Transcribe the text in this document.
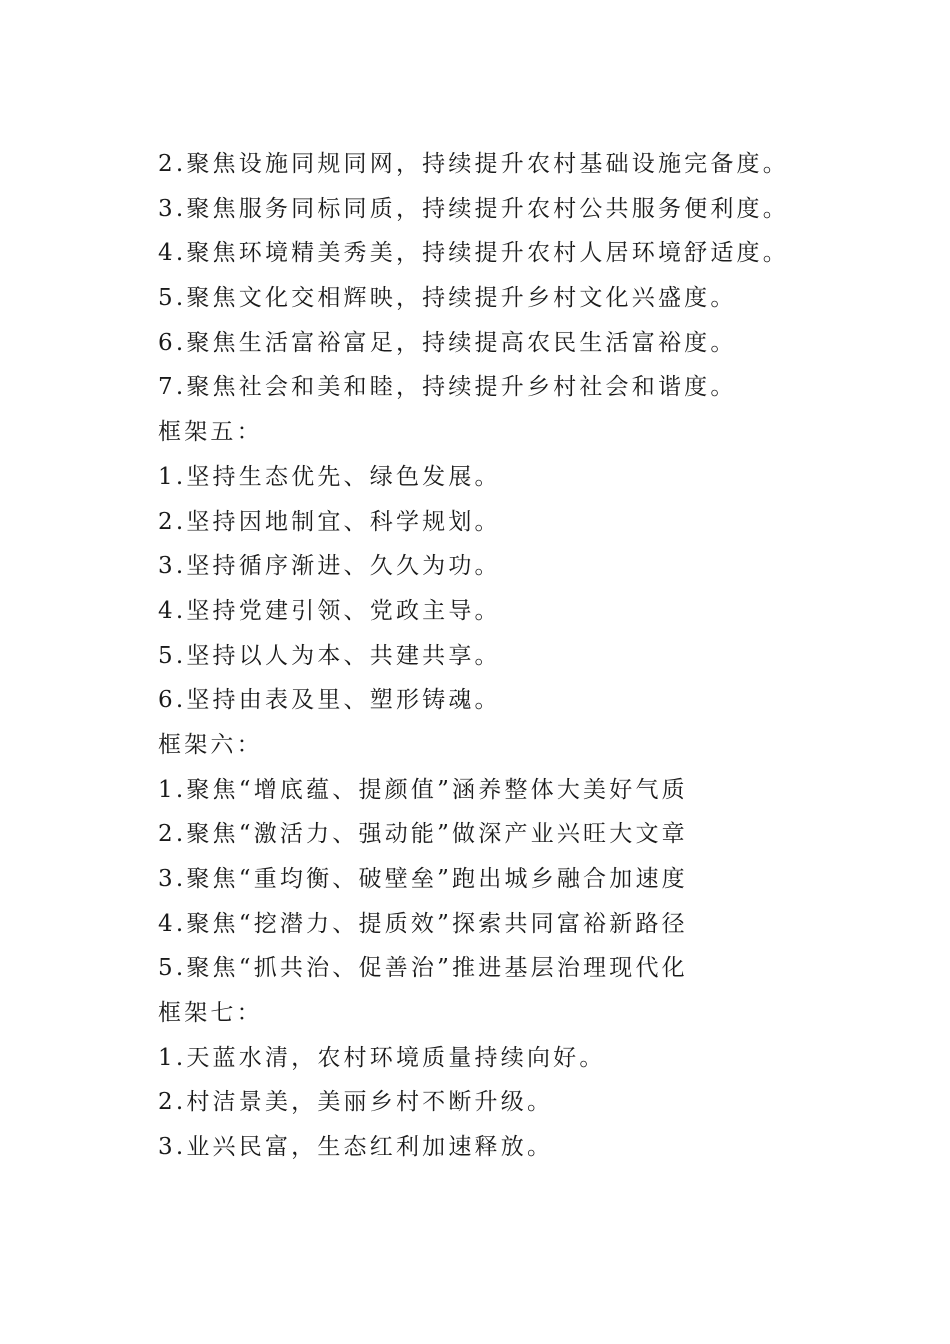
2.聚焦设施同规同网，持续提升农村基础设施完备度。
3.聚焦服务同标同质，持续提升农村公共服务便利度。
4.聚焦环境精美秀美，持续提升农村人居环境舒适度。
5.聚焦文化交相辉映，持续提升乡村文化兴盛度。
6.聚焦生活富裕富足，持续提高农民生活富裕度。
7.聚焦社会和美和睦，持续提升乡村社会和谐度。
框架五：
1.坚持生态优先、绿色发展。
2.坚持因地制宜、科学规划。
3.坚持循序渐进、久久为功。
4.坚持党建引领、党政主导。
5.坚持以人为本、共建共享。
6.坚持由表及里、塑形铸魂。
框架六：
1.聚焦“增底蕴、提颜值”涵养整体大美好气质
2.聚焦“激活力、强动能”做深产业兴旺大文章
3.聚焦“重均衡、破壁垒”跑出城乡融合加速度
4.聚焦“挖潜力、提质效”探索共同富裕新路径
5.聚焦“抓共治、促善治”推进基层治理现代化
框架七：
1.天蓝水清，农村环境质量持续向好。
2.村洁景美，美丽乡村不断升级。
3.业兴民富，生态红利加速释放。
